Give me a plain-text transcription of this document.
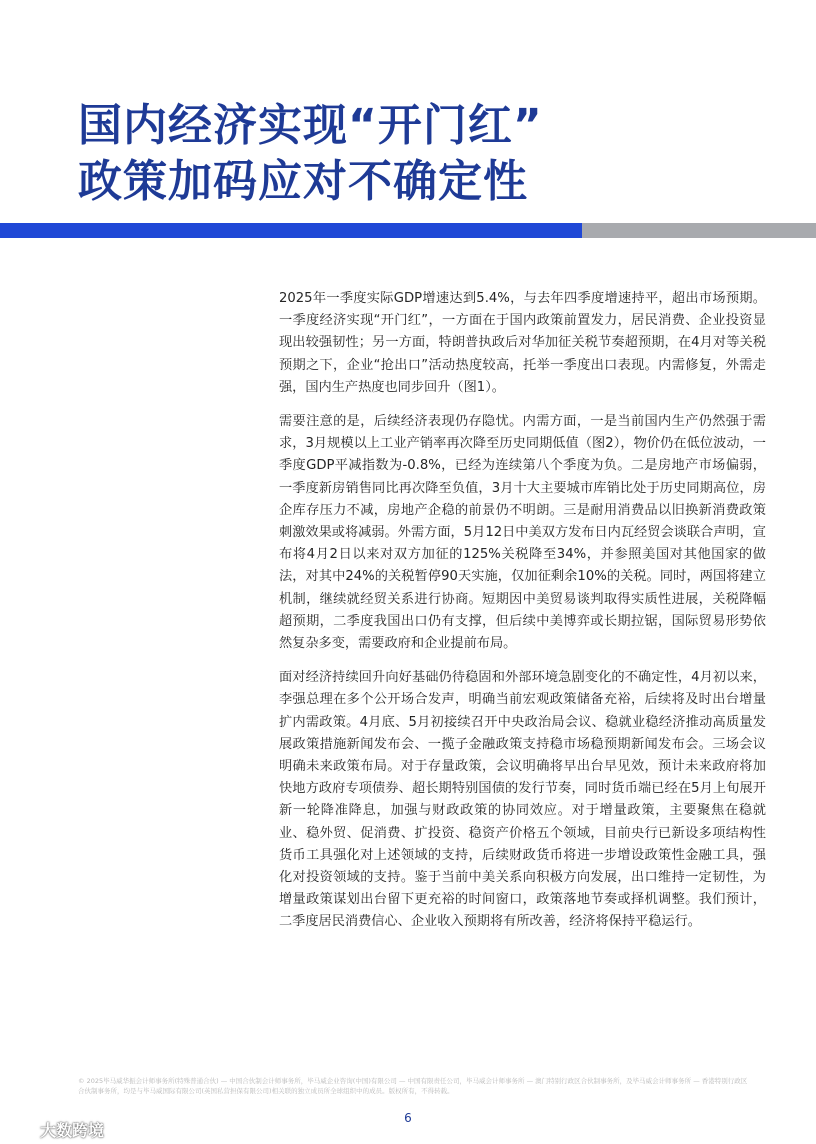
国内经济实现“开门红”
政策加码应对不确定性

2025年一季度实际GDP增速达到5.4%，与去年四季度增速持平，超出市场预期。一季度经济实现“开门红”，一方面在于国内政策前置发力，居民消费、企业投资显现出较强韧性；另一方面，特朗普执政后对华加征关税节奏超预期，在4月对等关税预期之下，企业“抢出口”活动热度较高，托举一季度出口表现。内需修复，外需走强，国内生产热度也同步回升（图1）。

需要注意的是，后续经济表现仍存隐忧。内需方面，一是当前国内生产仍然强于需求，3月规模以上工业产销率再次降至历史同期低值（图2），物价仍在低位波动，一季度GDP平减指数为-0.8%，已经为连续第八个季度为负。二是房地产市场偏弱，一季度新房销售同比再次降至负值，3月十大主要城市库销比处于历史同期高位，房企库存压力不减，房地产企稳的前景仍不明朗。三是耐用消费品以旧换新消费政策刺激效果或将减弱。外需方面，5月12日中美双方发布日内瓦经贸会谈联合声明，宣布将4月2日以来对双方加征的125%关税降至34%，并参照美国对其他国家的做法，对其中24%的关税暂停90天实施，仅加征剩余10%的关税。同时，两国将建立机制，继续就经贸关系进行协商。短期因中美贸易谈判取得实质性进展，关税降幅超预期，二季度我国出口仍有支撑，但后续中美博弈或长期拉锯，国际贸易形势依然复杂多变，需要政府和企业提前布局。

面对经济持续回升向好基础仍待稳固和外部环境急剧变化的不确定性，4月初以来，李强总理在多个公开场合发声，明确当前宏观政策储备充裕，后续将及时出台增量扩内需政策。4月底、5月初接续召开中央政治局会议、稳就业稳经济推动高质量发展政策措施新闻发布会、一揽子金融政策支持稳市场稳预期新闻发布会。三场会议明确未来政策布局。对于存量政策，会议明确将早出台早见效，预计未来政府将加快地方政府专项债券、超长期特别国债的发行节奏，同时货币端已经在5月上旬展开新一轮降准降息，加强与财政政策的协同效应。对于增量政策，主要聚焦在稳就业、稳外贸、促消费、扩投资、稳资产价格五个领域，目前央行已新设多项结构性货币工具强化对上述领域的支持，后续财政货币将进一步增设政策性金融工具，强化对投资领域的支持。鉴于当前中美关系向积极方向发展，出口维持一定韧性，为增量政策谋划出台留下更充裕的时间窗口，政策落地节奏或择机调整。我们预计，二季度居民消费信心、企业收入预期将有所改善，经济将保持平稳运行。

© 2025毕马威华振会计师事务所(特殊普通合伙) — 中国合伙制会计师事务所，毕马威企业咨询(中国)有限公司 — 中国有限责任公司，毕马威会计师事务所 — 澳门特别行政区合伙制事务所，及毕马威会计师事务所 — 香港特别行政区合伙制事务所，均是与毕马威国际有限公司(英国私营担保有限公司)相关联的独立成员所全球组织中的成员。版权所有，不得转载。
6
大数跨境
